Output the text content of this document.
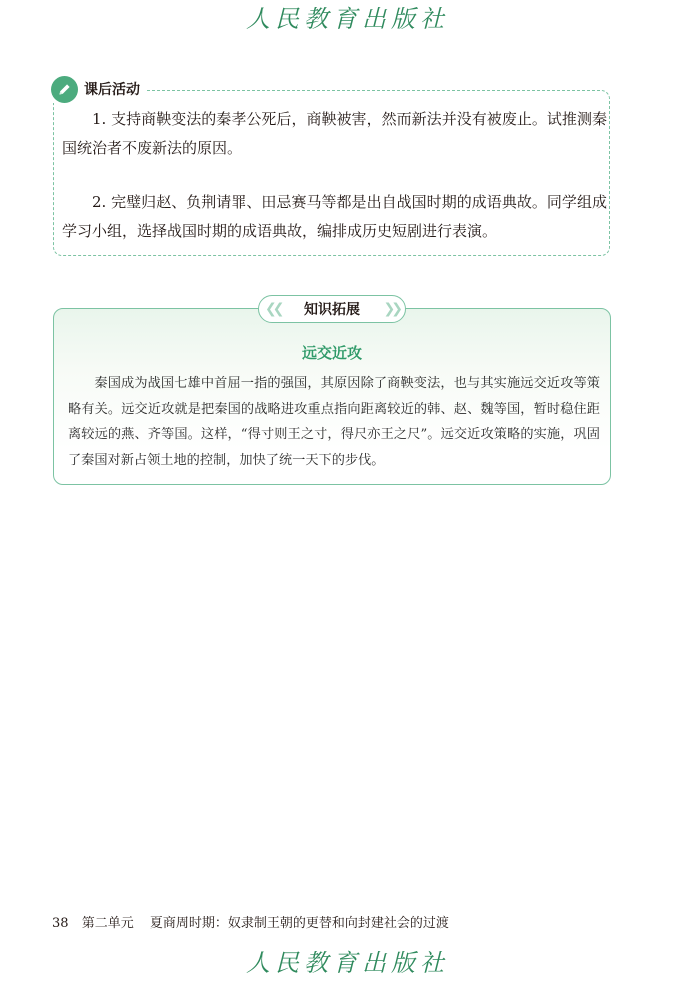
人民教育出版社
课后活动
1. 支持商鞅变法的秦孝公死后，商鞅被害，然而新法并没有被废止。试推测秦国统治者不废新法的原因。
2. 完璧归赵、负荆请罪、田忌赛马等都是出自战国时期的成语典故。同学组成学习小组，选择战国时期的成语典故，编排成历史短剧进行表演。
❮❮ 知识拓展 ❯❯
远交近攻
秦国成为战国七雄中首屈一指的强国，其原因除了商鞅变法，也与其实施远交近攻等策略有关。远交近攻就是把秦国的战略进攻重点指向距离较近的韩、赵、魏等国，暂时稳住距离较远的燕、齐等国。这样，“得寸则王之寸，得尺亦王之尺”。远交近攻策略的实施，巩固了秦国对新占领土地的控制，加快了统一天下的步伐。
38 第二单元 夏商周时期：奴隶制王朝的更替和向封建社会的过渡
人民教育出版社
